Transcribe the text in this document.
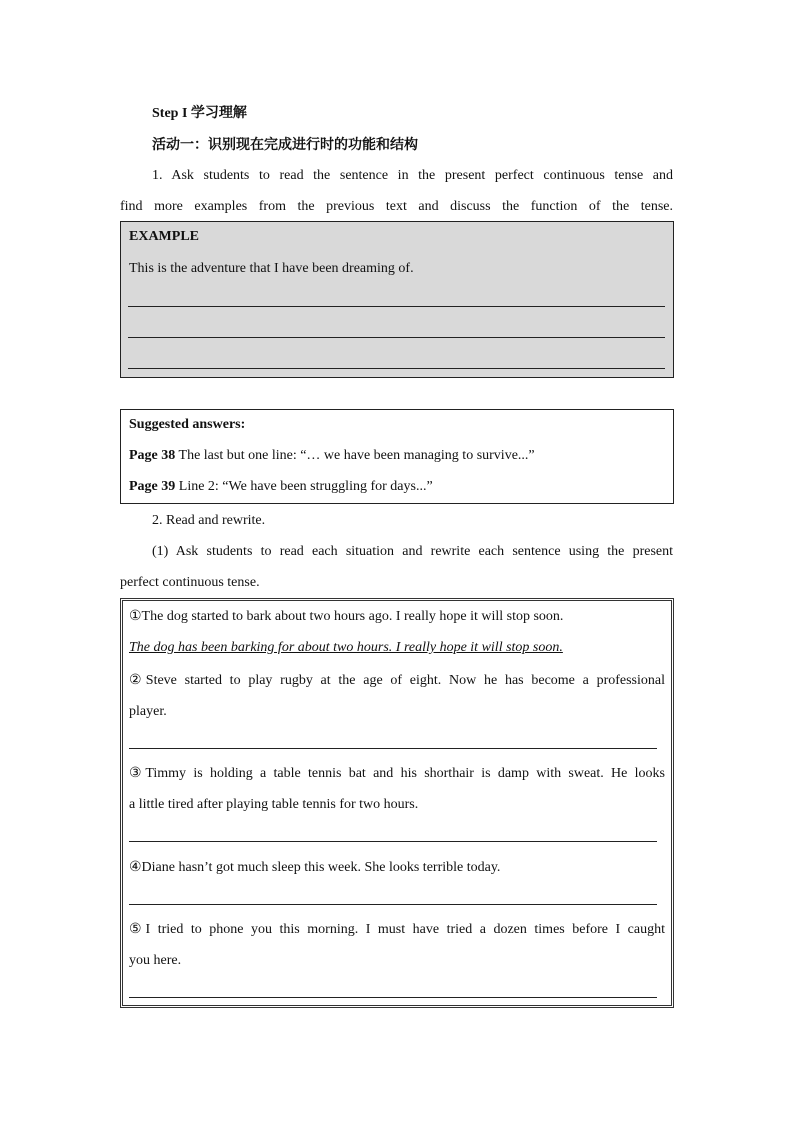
Step I 学习理解
活动一：识别现在完成进行时的功能和结构
1. Ask students to read the sentence in the present perfect continuous tense and
find more examples from the previous text and discuss the function of the tense.
EXAMPLE
This is the adventure that I have been dreaming of.
Suggested answers:
Page 38 The last but one line: “… we have been managing to survive...”
Page 39 Line 2: “We have been struggling for days...”
2. Read and rewrite.
(1) Ask students to read each situation and rewrite each sentence using the present
perfect continuous tense.
①The dog started to bark about two hours ago. I really hope it will stop soon.
The dog has been barking for about two hours. I really hope it will stop soon.
②Steve started to play rugby at the age of eight. Now he has become a professional
player.
③Timmy is holding a table tennis bat and his shorthair is damp with sweat. He looks
a little tired after playing table tennis for two hours.
④Diane hasn’t got much sleep this week. She looks terrible today.
⑤I tried to phone you this morning. I must have tried a dozen times before I caught
you here.
